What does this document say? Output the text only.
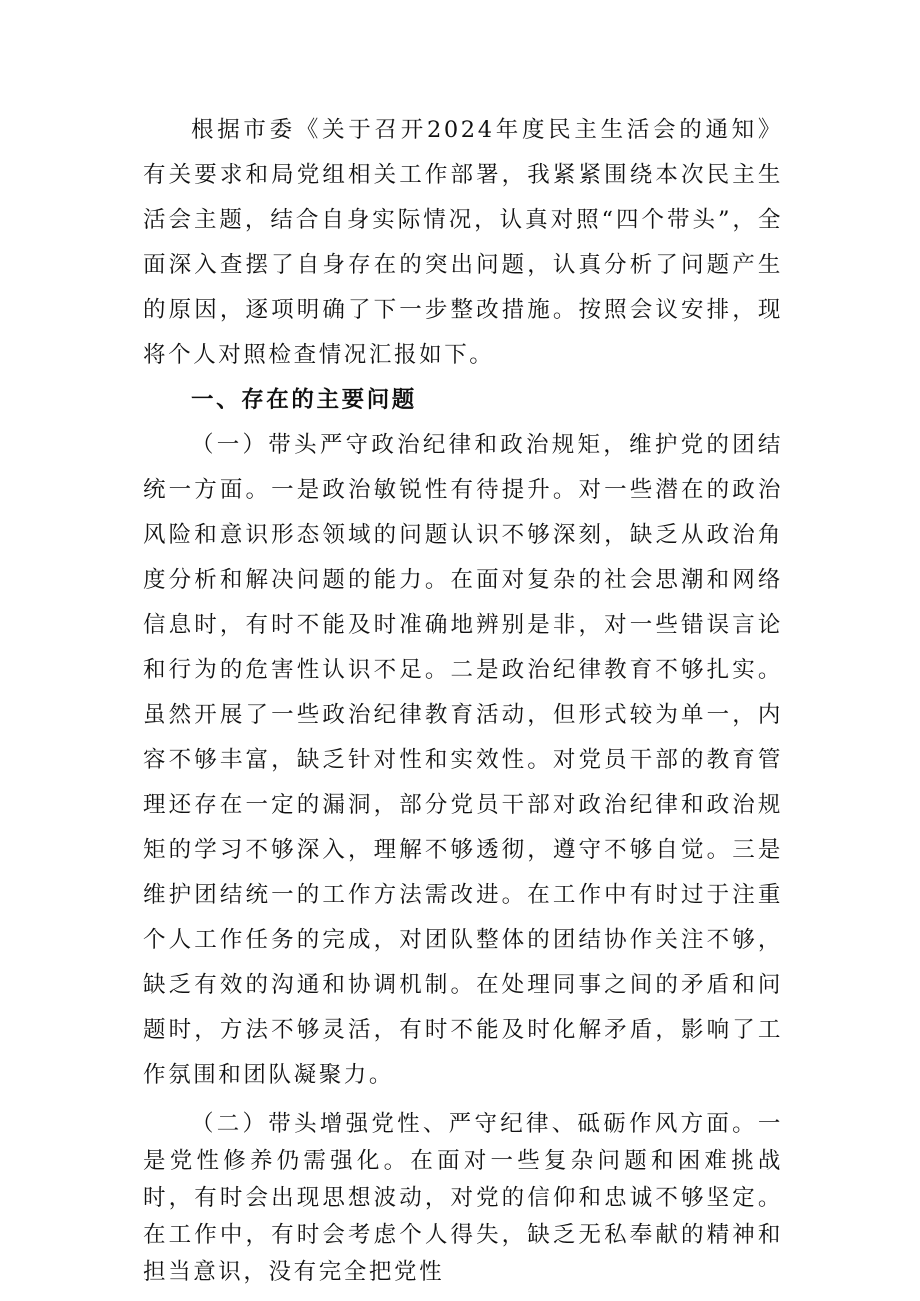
根据市委《关于召开2024年度民主生活会的通知》有关要求和局党组相关工作部署，我紧紧围绕本次民主生活会主题，结合自身实际情况，认真对照“四个带头”，全面深入查摆了自身存在的突出问题，认真分析了问题产生的原因，逐项明确了下一步整改措施。按照会议安排，现将个人对照检查情况汇报如下。

一、存在的主要问题

（一）带头严守政治纪律和政治规矩，维护党的团结统一方面。一是政治敏锐性有待提升。对一些潜在的政治风险和意识形态领域的问题认识不够深刻，缺乏从政治角度分析和解决问题的能力。在面对复杂的社会思潮和网络信息时，有时不能及时准确地辨别是非，对一些错误言论和行为的危害性认识不足。二是政治纪律教育不够扎实。虽然开展了一些政治纪律教育活动，但形式较为单一，内容不够丰富，缺乏针对性和实效性。对党员干部的教育管理还存在一定的漏洞，部分党员干部对政治纪律和政治规矩的学习不够深入，理解不够透彻，遵守不够自觉。三是维护团结统一的工作方法需改进。在工作中有时过于注重个人工作任务的完成，对团队整体的团结协作关注不够，缺乏有效的沟通和协调机制。在处理同事之间的矛盾和问题时，方法不够灵活，有时不能及时化解矛盾，影响了工作氛围和团队凝聚力。

（二）带头增强党性、严守纪律、砥砺作风方面。一是党性修养仍需强化。在面对一些复杂问题和困难挑战时，有时会出现思想波动，对党的信仰和忠诚不够坚定。在工作中，有时会考虑个人得失，缺乏无私奉献的精神和担当意识，没有完全把党性
